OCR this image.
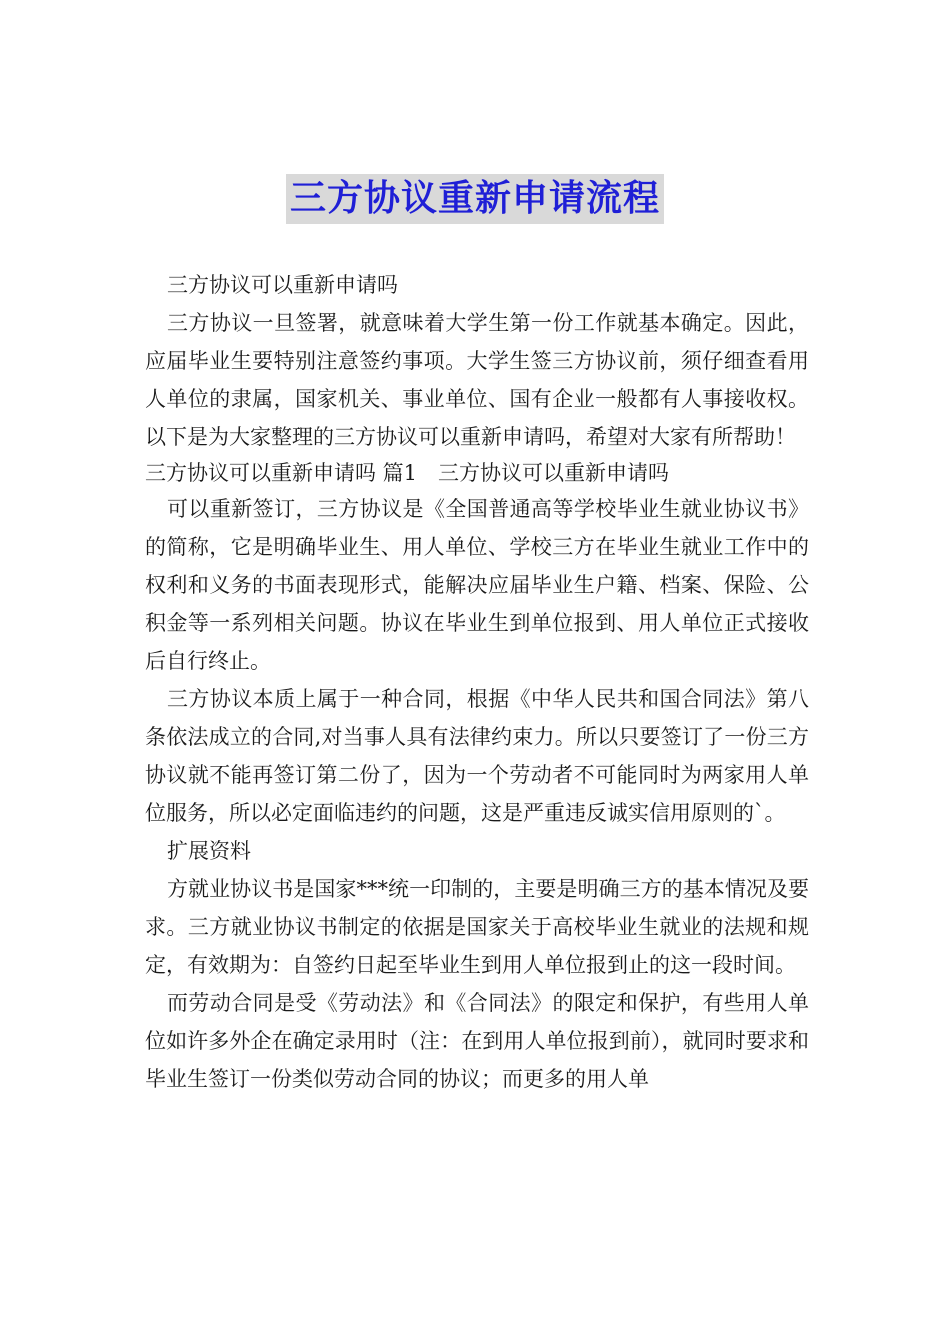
三方协议重新申请流程

三方协议可以重新申请吗

三方协议一旦签署，就意味着大学生第一份工作就基本确定。因此，应届毕业生要特别注意签约事项。大学生签三方协议前，须仔细查看用人单位的隶属，国家机关、事业单位、国有企业一般都有人事接收权。以下是为大家整理的三方协议可以重新申请吗，希望对大家有所帮助！

三方协议可以重新申请吗 篇1　三方协议可以重新申请吗

可以重新签订，三方协议是《全国普通高等学校毕业生就业协议书》的简称，它是明确毕业生、用人单位、学校三方在毕业生就业工作中的权利和义务的书面表现形式，能解决应届毕业生户籍、档案、保险、公积金等一系列相关问题。协议在毕业生到单位报到、用人单位正式接收后自行终止。

三方协议本质上属于一种合同，根据《中华人民共和国合同法》第八条依法成立的合同,对当事人具有法律约束力。所以只要签订了一份三方协议就不能再签订第二份了，因为一个劳动者不可能同时为两家用人单位服务，所以必定面临违约的问题，这是严重违反诚实信用原则的`。

扩展资料

方就业协议书是国家***统一印制的，主要是明确三方的基本情况及要求。三方就业协议书制定的依据是国家关于高校毕业生就业的法规和规定，有效期为：自签约日起至毕业生到用人单位报到止的这一段时间。

而劳动合同是受《劳动法》和《合同法》的限定和保护，有些用人单位如许多外企在确定录用时（注：在到用人单位报到前），就同时要求和毕业生签订一份类似劳动合同的协议；而更多的用人单
